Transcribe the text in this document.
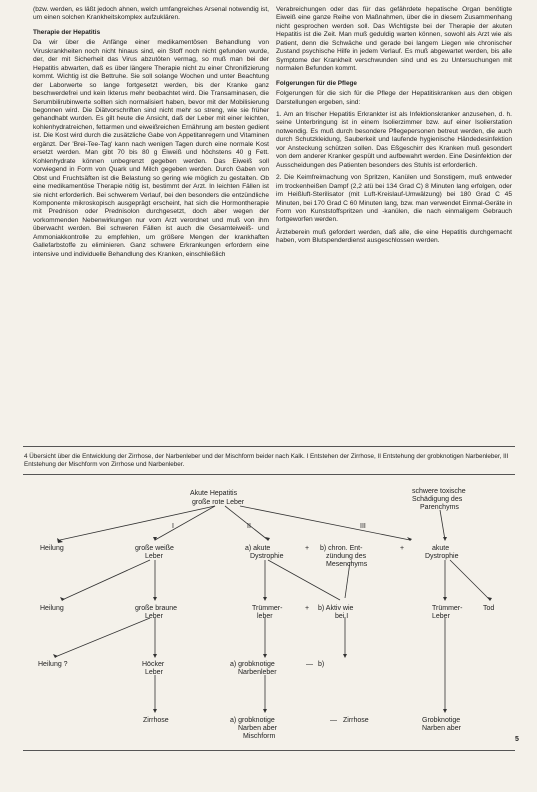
(bzw. werden, es läßt jedoch ahnen, welch umfangreiches Arsenal notwendig ist, um einen solchen Krankheitskomplex aufzuklären.

Therapie der Hepatitis

Da wir über die Anfänge einer medikamentösen Behandlung von Viruskrankheiten noch nicht hinaus sind, ein Stoff noch nicht gefunden wurde, der, der mit Sicherheit das Virus abzutöten vermag, so muß man bei der Hepatitis abwarten, daß es über längere Therapie nicht zu einer Chronifizierung kommt. Wichtig ist die Bettruhe. Sie soll solange Wochen und unter Beachtung der Laborwerte so lange fortgesetzt werden, bis der Kranke ganz beschwerdefrei und kein Ikterus mehr beobachtet wird. Die Transaminasen, die Serumbilirubinwerte sollten sich normalisiert haben, bevor mit der Mobilisierung begonnen wird. Die Diätvorschriften sind nicht mehr so streng, wie sie früher gehandhabt wurden. Es gilt heute die Ansicht, daß der Leber mit einer leichten, kohlenhydratreichen, fettarmen und eiweißreichen Ernährung am besten gedient ist. Die Kost wird durch die zusätzliche Gabe von Appetitanregern und Vitaminen ergänzt. Der 'Brei-Tee-Tag' kann nach wenigen Tagen durch eine normale Kost ersetzt werden. Man gibt 70 bis 80 g Eiweiß und höchstens 40 g Fett. Kohlenhydrate können unbegrenzt gegeben werden. Das Eiweiß soll vorwiegend in Form von Quark und Milch gegeben werden. Durch Gaben von Obst und Fruchtsäften ist die Belastung so gering wie möglich zu gestalten. Ob eine medikamentöse Therapie nötig ist, bestimmt der Arzt. In leichten Fällen ist sie nicht erforderlich. Bei schwerem Verlauf, bei den besonders die entzündliche Komponente mikroskopisch ausgeprägt erscheint, hat sich die Hormontherapie mit Prednison oder Prednisolon durchgesetzt, doch aber wegen der vorkommenden Nebenwirkungen nur vom Arzt verordnet und muß von ihm überwacht werden. Bei schweren Fällen ist auch die Gesamteiweiß- und Ammoniakkontrolle zu empfehlen, um größere Mengen der krankhaften Gallefarbstoffe zu eliminieren. Ganz schwere Erkrankungen erfordern eine intensive und individuelle Behandlung des Kranken, einschließlich

Verabreichungen oder das für das gefährdete hepatische Organ benötigte Eiweiß eine ganze Reihe von Maßnahmen, über die in diesem Zusammenhang nicht gesprochen werden soll. Das Wichtigste bei der Therapie der akuten Hepatitis ist die Zeit. Man muß geduldig warten können, sowohl als Arzt wie als Patient, denn die Schwäche und gerade bei langem Liegen wie chronischer Zustand psychische Hilfe in jedem Verlauf. Es muß abgewartet werden, bis alle Symptome der Krankheit verschwunden sind und es zu Untersuchungen mit normalen Befunden kommt.

Folgerungen für die Pflege

Folgerungen für die sich für die Pflege der Hepatitiskranken aus den obigen Darstellungen ergeben, sind:

1. Am an frischer Hepatitis Erkrankter ist als Infektionskranker anzusehen, d. h. seine Unterbringung ist in einem Isolierzimmer bzw. auf einer Isolierstation notwendig. Es muß durch besondere Pflegepersonen betreut werden, die auch durch Schutzkleidung, Sauberkeit und laufende hygienische Händedesinfektion vor Ansteckung schützen sollen. Das Eßgeschirr des Kranken muß gesondert von dem anderer Kranker gespült und aufbewahrt werden. Eine Desinfektion der Ausscheidungen des Patienten besonders des Stuhls ist erforderlich.

2. Die Keimfreimachung von Spritzen, Kanülen und Sonstigem, muß entweder im trockenheißen Dampf (2,2 atü bei 134 Grad C) 8 Minuten lang erfolgen, oder im Heißluft-Sterilisator (mit Luft-Kreislauf-Umwälzung) bei 180 Grad C 45 Minuten, bei 170 Grad C 60 Minuten lang, bzw. man verwendet Einmal-Geräte in Form von Kunststoffspritzen und -kanülen, die nach einmaligem Gebrauch fortgeworfen werden.

Ärzteberein muß gefordert werden, daß alle, die eine Hepatitis durchgemacht haben, vom Blutspenderdienst ausgeschlossen werden.

4 Übersicht über die Entwicklung der Zirrhose, der Narbenleber und der Mischform beider nach Kalk. I Entstehen der Zirrhose, II Entstehung der grobknotigen Narbenleber, III Entstehung der Mischform von Zirrhose und Narbenleber.
Akute Hepatitis
große rote Leber
schwere toxische
Schädigung des
Parenchyms
I	II	III
Heilung	große weiße
Leber
a) akute
Dystrophie
+ b) chron. Ent-
zündung des
Mesenchyms
+	akute
Dystrophie
Heilung	große braune
Leber
Trümmer-
leber
+ b) Aktiv wie
bei I
Trümmer-
Leber
Tod
Heilung ?	Höcker
Leber
a) grobknotige
Narbenleber
— b)
Zirrhose	a) grobknotige
Narben aber
Mischform
— Zirrhose	Grobknotige
Narben aber
5
